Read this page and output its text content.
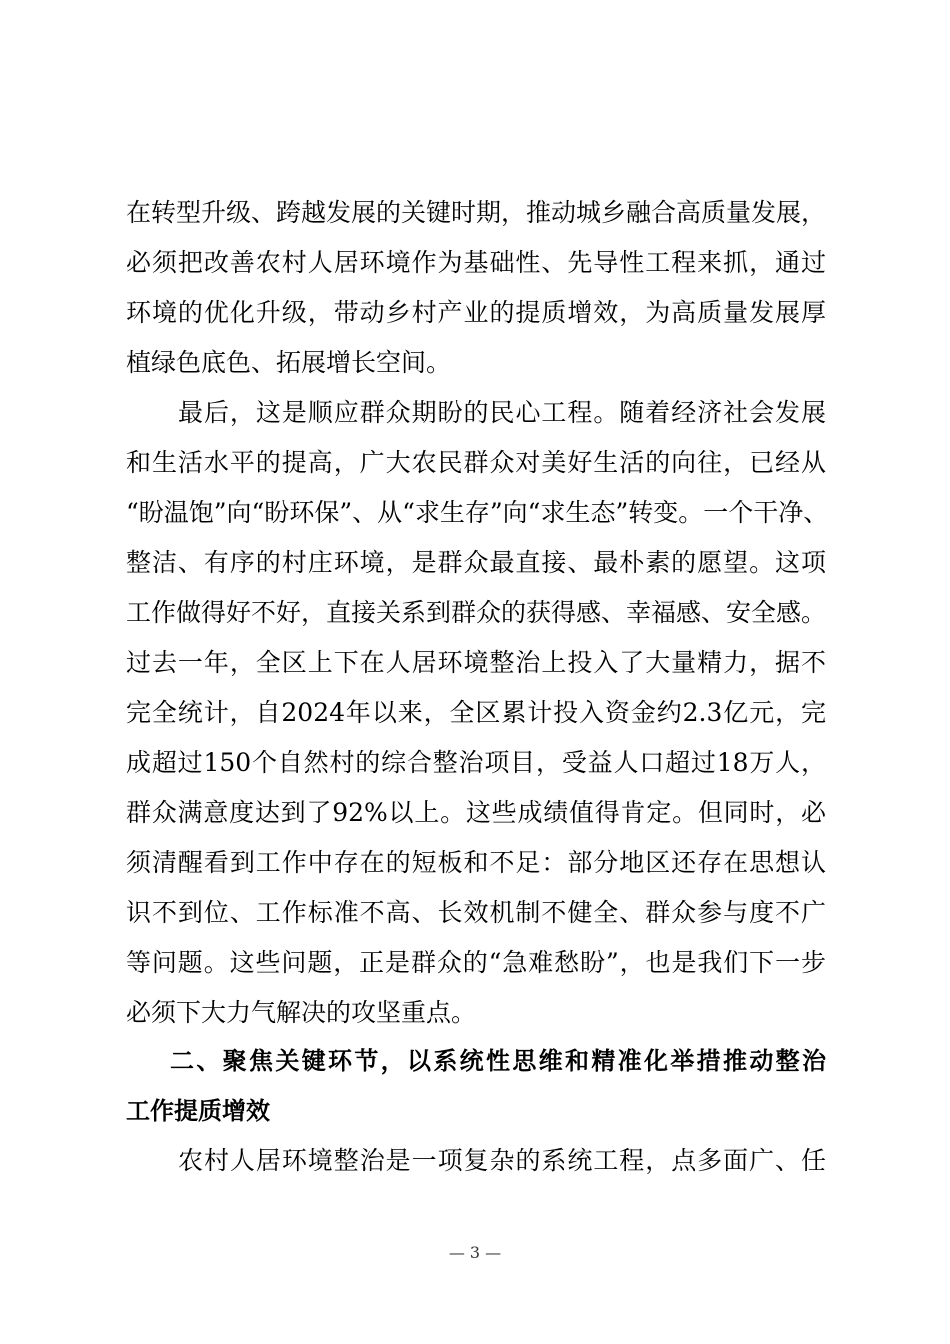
在转型升级、跨越发展的关键时期，推动城乡融合高质量发展，
必须把改善农村人居环境作为基础性、先导性工程来抓，通过
环境的优化升级，带动乡村产业的提质增效，为高质量发展厚
植绿色底色、拓展增长空间。
最后，这是顺应群众期盼的民心工程。随着经济社会发展
和生活水平的提高，广大农民群众对美好生活的向往，已经从
“盼温饱”向“盼环保”、从“求生存”向“求生态”转变。一个干净、
整洁、有序的村庄环境，是群众最直接、最朴素的愿望。这项
工作做得好不好，直接关系到群众的获得感、幸福感、安全感。
过去一年，全区上下在人居环境整治上投入了大量精力，据不
完全统计，自2024年以来，全区累计投入资金约2.3亿元，完
成超过150个自然村的综合整治项目，受益人口超过18万人，
群众满意度达到了92%以上。这些成绩值得肯定。但同时，必
须清醒看到工作中存在的短板和不足：部分地区还存在思想认
识不到位、工作标准不高、长效机制不健全、群众参与度不广
等问题。这些问题，正是群众的“急难愁盼”，也是我们下一步
必须下大力气解决的攻坚重点。
二、聚焦关键环节，以系统性思维和精准化举措推动整治
工作提质增效
农村人居环境整治是一项复杂的系统工程，点多面广、任
— 3 —
